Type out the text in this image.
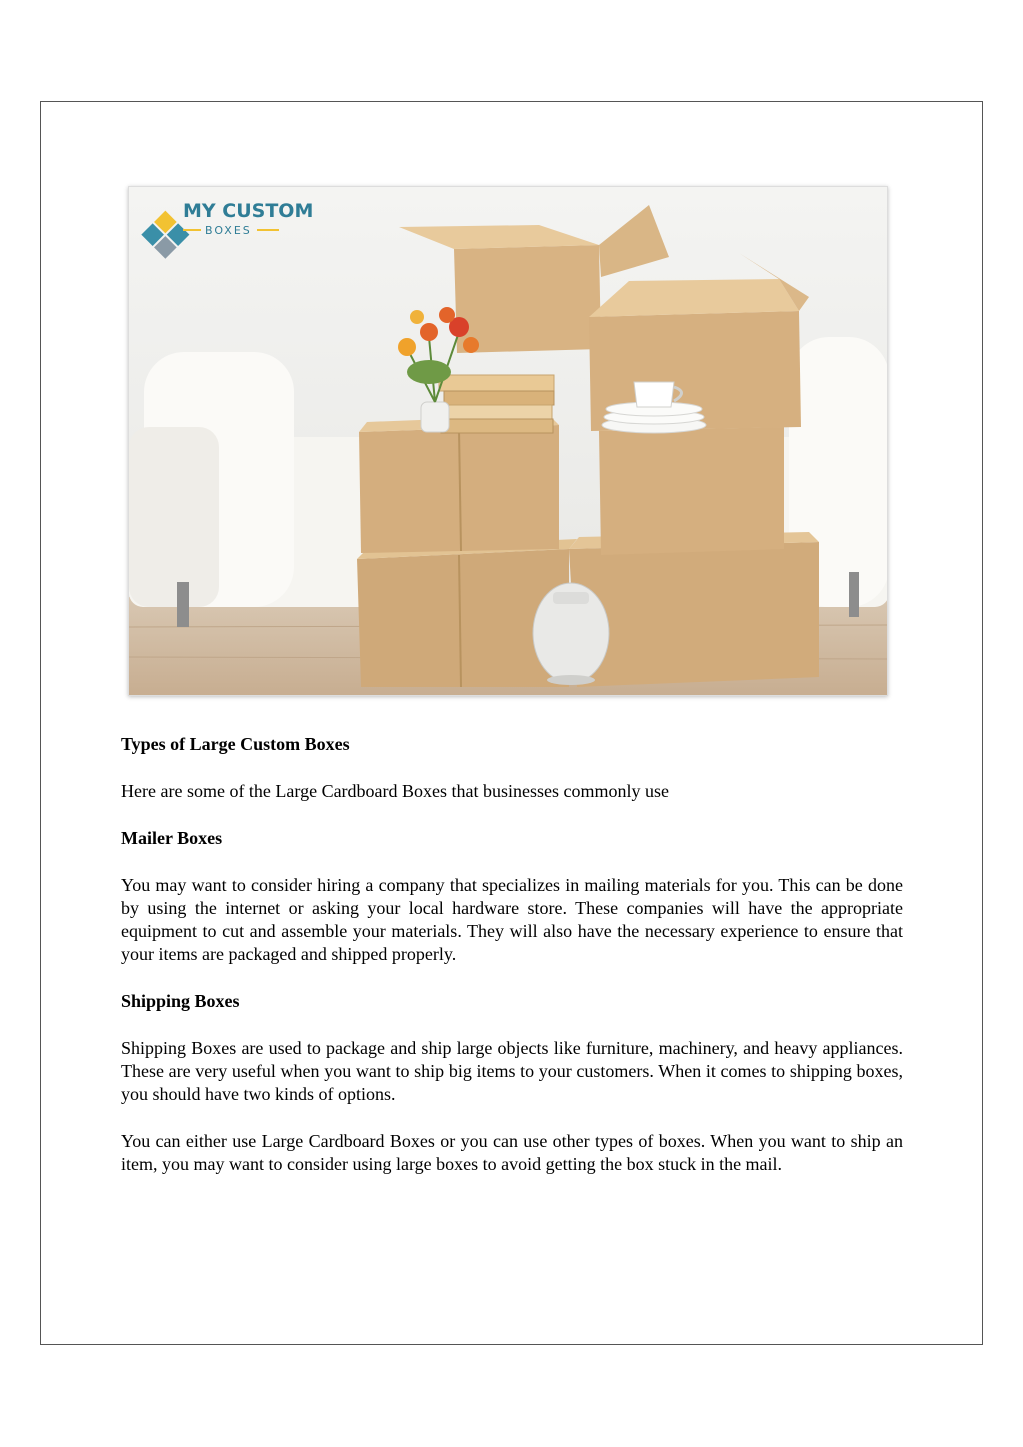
MY CUSTOM
BOXES
Types of Large Custom Boxes

Here are some of the Large Cardboard Boxes that businesses commonly use

Mailer Boxes

You may want to consider hiring a company that specializes in mailing materials for you. This can be done by using the internet or asking your local hardware store. These companies will have the appropriate equipment to cut and assemble your materials. They will also have the necessary experience to ensure that your items are packaged and shipped properly.

Shipping Boxes

Shipping Boxes are used to package and ship large objects like furniture, machinery, and heavy appliances. These are very useful when you want to ship big items to your customers. When it comes to shipping boxes, you should have two kinds of options.

You can either use Large Cardboard Boxes or you can use other types of boxes. When you want to ship an item, you may want to consider using large boxes to avoid getting the box stuck in the mail.
